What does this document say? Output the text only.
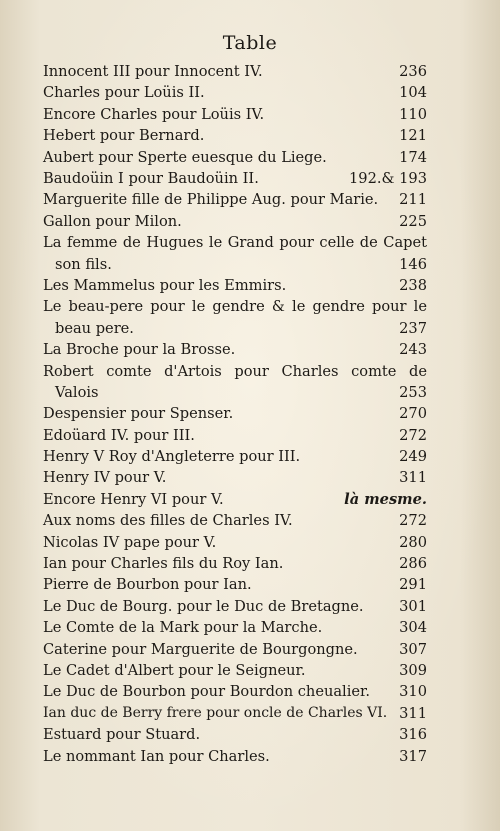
Table
Innocent III pour Innocent IV.	236
Charles pour Loüis II.	104
Encore Charles pour Loüis IV.	110
Hebert pour Bernard.	121
Aubert pour Sperte euesque du Liege.	174
Baudoüin I pour Baudoüin II.	192.& 193
Marguerite fille de Philippe Aug. pour Marie. 211
Gallon pour Milon.	225
La femme de Hugues le Grand pour celle de Capet
son fils.	146
Les Mammelus pour les Emmirs.	238
Le beau-pere pour le gendre & le gendre pour le
beau pere.	237
La Broche pour la Brosse.	243
Robert comte d'Artois pour Charles comte de
Valois	253
Despensier pour Spenser.	270
Edoüard IV. pour III.	272
Henry V Roy d'Angleterre pour III.	249
Henry IV pour V.	311
Encore Henry VI pour V.	là mesme.
Aux noms des filles de Charles IV.	272
Nicolas IV pape pour V.	280
Ian pour Charles fils du Roy Ian.	286
Pierre de Bourbon pour Ian.	291
Le Duc de Bourg. pour le Duc de Bretagne. 301
Le Comte de la Mark pour la Marche.	304
Caterine pour Marguerite de Bourgongne.	307
Le Cadet d'Albert pour le Seigneur.	309
Le Duc de Bourbon pour Bourdon cheualier. 310
Ian duc de Berry frere pour oncle de Charles VI. 311
Estuard pour Stuard.	316
Le nommant Ian pour Charles.	317
